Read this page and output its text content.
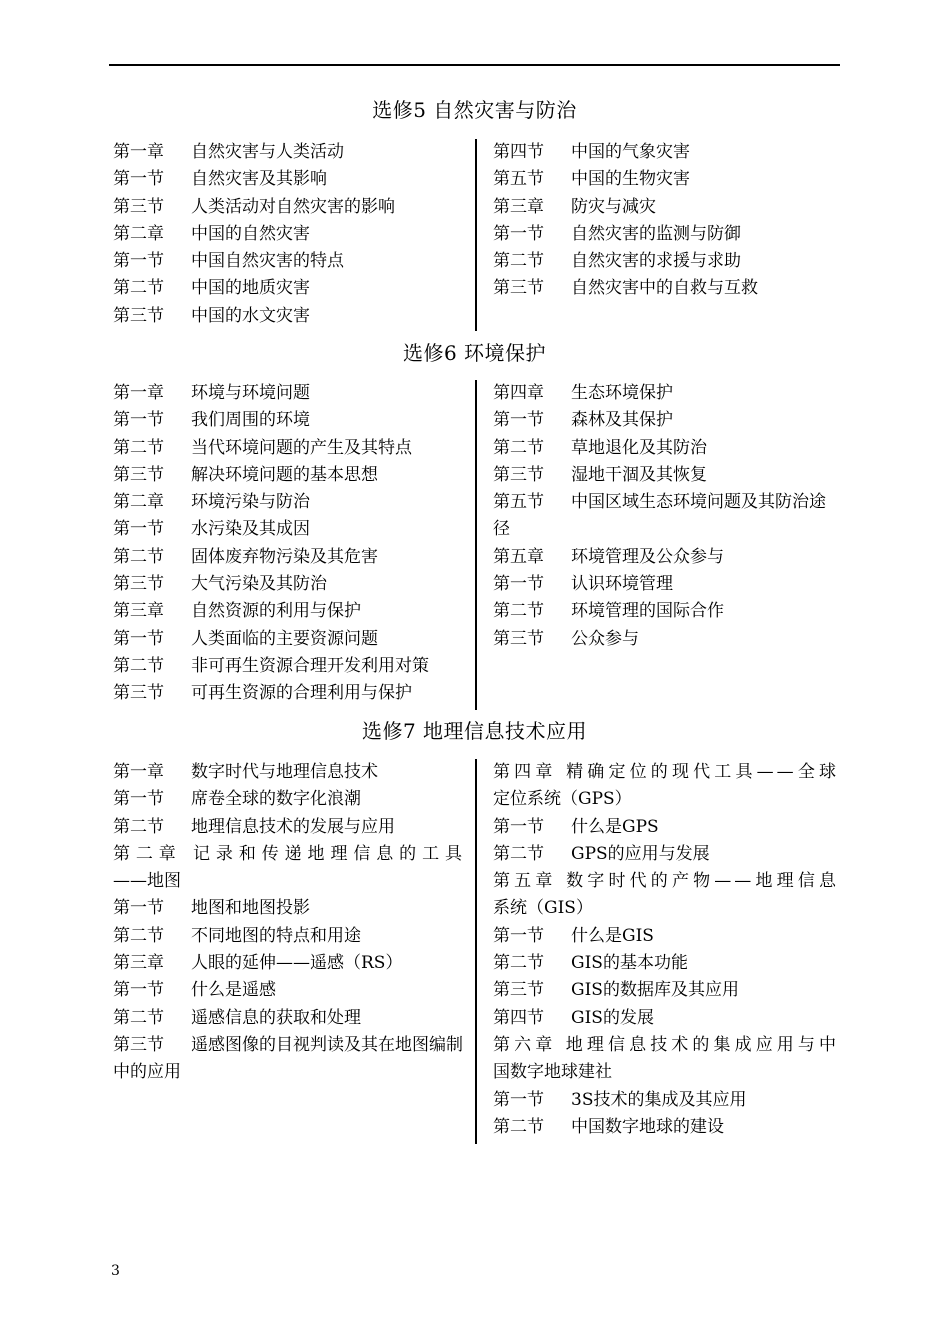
选修5 自然灾害与防治
第一章 自然灾害与人类活动
第一节 自然灾害及其影响
第三节 人类活动对自然灾害的影响
第二章 中国的自然灾害
第一节 中国自然灾害的特点
第二节 中国的地质灾害
第三节 中国的水文灾害
第四节 中国的气象灾害
第五节 中国的生物灾害
第三章 防灾与减灾
第一节 自然灾害的监测与防御
第二节 自然灾害的求援与求助
第三节 自然灾害中的自救与互救
选修6 环境保护
第一章 环境与环境问题
第一节 我们周围的环境
第二节 当代环境问题的产生及其特点
第三节 解决环境问题的基本思想
第二章 环境污染与防治
第一节 水污染及其成因
第二节 固体废弃物污染及其危害
第三节 大气污染及其防治
第三章 自然资源的利用与保护
第一节 人类面临的主要资源问题
第二节 非可再生资源合理开发利用对策
第三节 可再生资源的合理利用与保护
第四章 生态环境保护
第一节 森林及其保护
第二节 草地退化及其防治
第三节 湿地干涸及其恢复
第五节 中国区域生态环境问题及其防治途径
第五章 环境管理及公众参与
第一节 认识环境管理
第二节 环境管理的国际合作
第三节 公众参与
选修7 地理信息技术应用
第一章 数字时代与地理信息技术
第一节 席卷全球的数字化浪潮
第二节 地理信息技术的发展与应用
第二章 记录和传递地理信息的工具
——地图
第一节 地图和地图投影
第二节 不同地图的特点和用途
第三章 人眼的延伸——遥感（RS）
第一节 什么是遥感
第二节 遥感信息的获取和处理
第三节 遥感图像的目视判读及其在地图编制中的应用
第四章 精确定位的现代工具——全球
定位系统（GPS）
第一节 什么是GPS
第二节 GPS的应用与发展
第五章 数字时代的产物——地理信息
系统（GIS）
第一节 什么是GIS
第二节 GIS的基本功能
第三节 GIS的数据库及其应用
第四节 GIS的发展
第六章 地理信息技术的集成应用与中
国数字地球建社
第一节 3S技术的集成及其应用
第二节 中国数字地球的建设
3
